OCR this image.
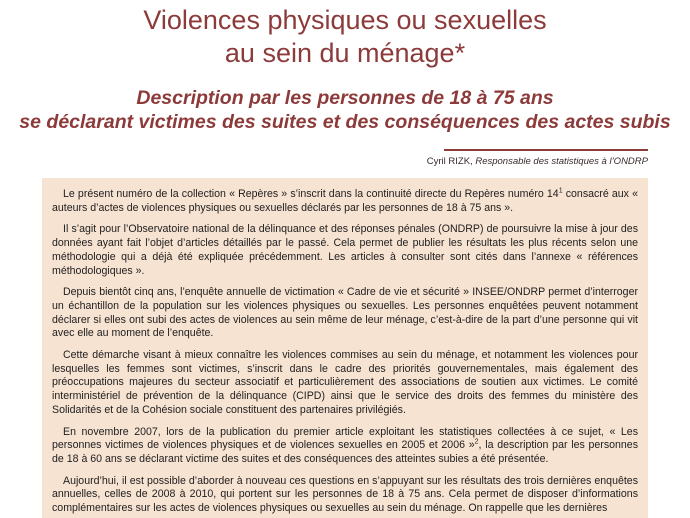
Violences physiques ou sexuelles
au sein du ménage*
Description par les personnes de 18 à 75 ans
se déclarant victimes des suites et des conséquences des actes subis
Cyril RIZK, Responsable des statistiques à l’ONDRP

Le présent numéro de la collection « Repères » s’inscrit dans la continuité directe du Repères numéro $14^1$ consacré aux « auteurs d’actes de violences physiques ou sexuelles déclarés par les personnes de 18 à 75 ans ».

Il s’agit pour l’Observatoire national de la délinquance et des réponses pénales (ONDRP) de poursuivre la mise à jour des données ayant fait l’objet d’articles détaillés par le passé. Cela permet de publier les résultats les plus récents selon une méthodologie qui a déjà été expliquée précédemment. Les articles à consulter sont cités dans l’annexe « références méthodologiques ».

Depuis bientôt cinq ans, l’enquête annuelle de victimation « Cadre de vie et sécurité » INSEE/ONDRP permet d’interroger un échantillon de la population sur les violences physiques ou sexuelles. Les personnes enquêtées peuvent notamment déclarer si elles ont subi des actes de violences au sein même de leur ménage, c’est-à-dire de la part d’une personne qui vit avec elle au moment de l’enquête.

Cette démarche visant à mieux connaître les violences commises au sein du ménage, et notamment les violences pour lesquelles les femmes sont victimes, s’inscrit dans le cadre des priorités gouvernementales, mais également des préoccupations majeures du secteur associatif et particulièrement des associations de soutien aux victimes. Le comité interministériel de prévention de la délinquance (CIPD) ainsi que le service des droits des femmes du ministère des Solidarités et de la Cohésion sociale constituent des partenaires privilégiés.

En novembre 2007, lors de la publication du premier article exploitant les statistiques collectées à ce sujet, « Les personnes victimes de violences physiques et de violences sexuelles en 2005 et 2006 »$^2$, la description par les personnes de 18 à 60 ans se déclarant victime des suites et des conséquences des atteintes subies a été présentée.

Aujourd’hui, il est possible d’aborder à nouveau ces questions en s’appuyant sur les résultats des trois dernières enquêtes annuelles, celles de 2008 à 2010, qui portent sur les personnes de 18 à 75 ans. Cela permet de disposer d’informations complémentaires sur les actes de violences physiques ou sexuelles au sein du ménage. On rappelle que les dernières
